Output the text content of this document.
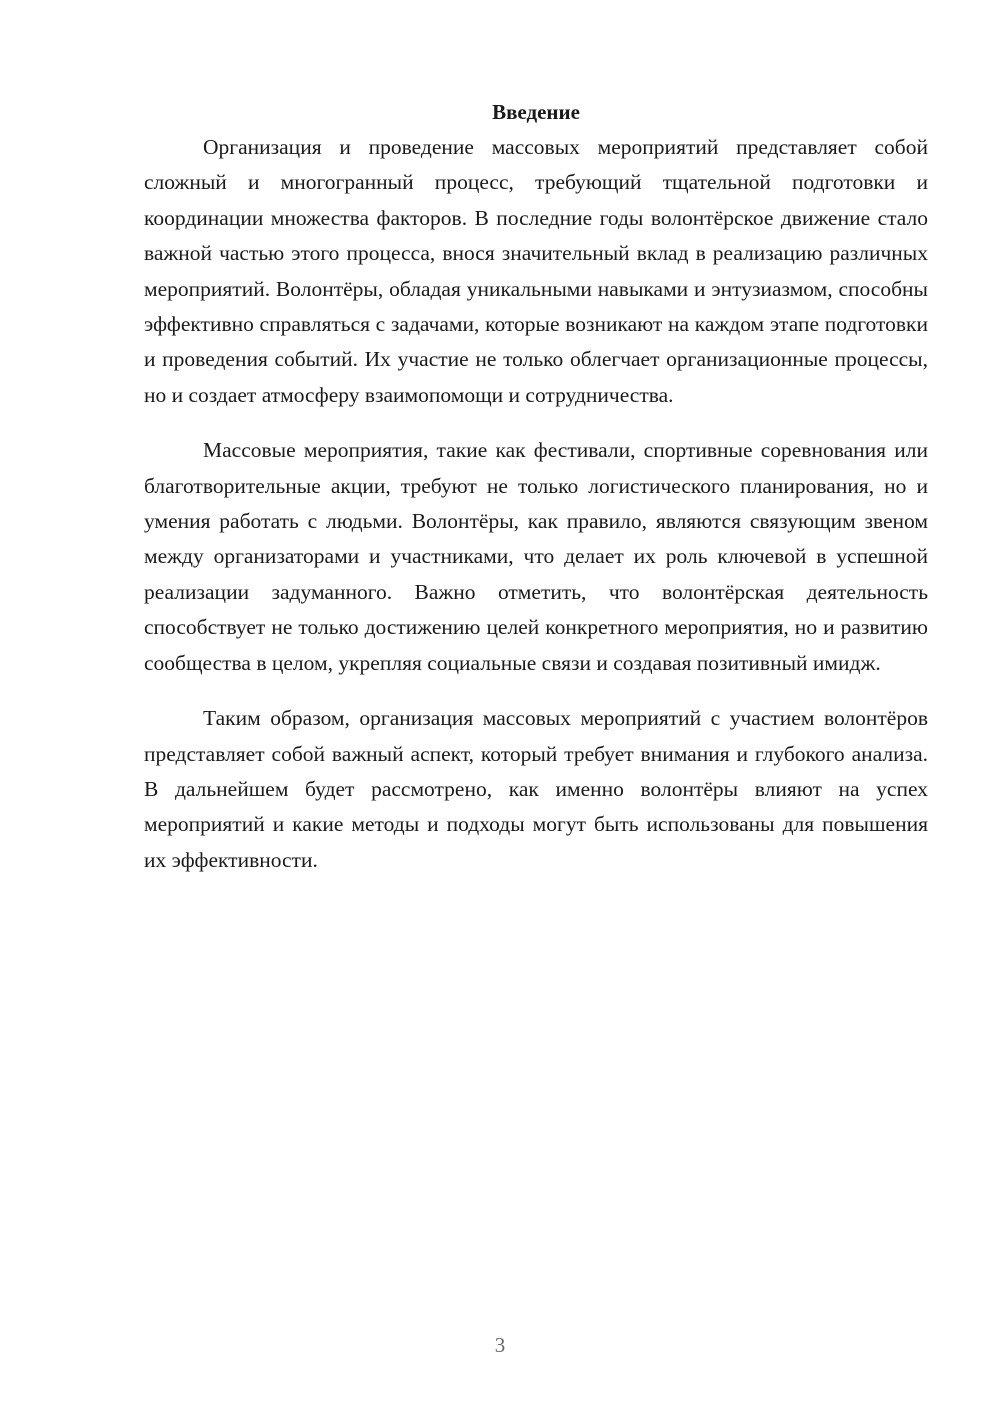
Введение

Организация и проведение массовых мероприятий представляет собой сложный и многогранный процесс, требующий тщательной подготовки и координации множества факторов. В последние годы волонтёрское движение стало важной частью этого процесса, внося значительный вклад в реализацию различных мероприятий. Волонтёры, обладая уникальными навыками и энтузиазмом, способны эффективно справляться с задачами, которые возникают на каждом этапе подготовки и проведения событий. Их участие не только облегчает организационные процессы, но и создает атмосферу взаимопомощи и сотрудничества.

Массовые мероприятия, такие как фестивали, спортивные соревнования или благотворительные акции, требуют не только логистического планирования, но и умения работать с людьми. Волонтёры, как правило, являются связующим звеном между организаторами и участниками, что делает их роль ключевой в успешной реализации задуманного. Важно отметить, что волонтёрская деятельность способствует не только достижению целей конкретного мероприятия, но и развитию сообщества в целом, укрепляя социальные связи и создавая позитивный имидж.

Таким образом, организация массовых мероприятий с участием волонтёров представляет собой важный аспект, который требует внимания и глубокого анализа. В дальнейшем будет рассмотрено, как именно волонтёры влияют на успех мероприятий и какие методы и подходы могут быть использованы для повышения их эффективности.

3
